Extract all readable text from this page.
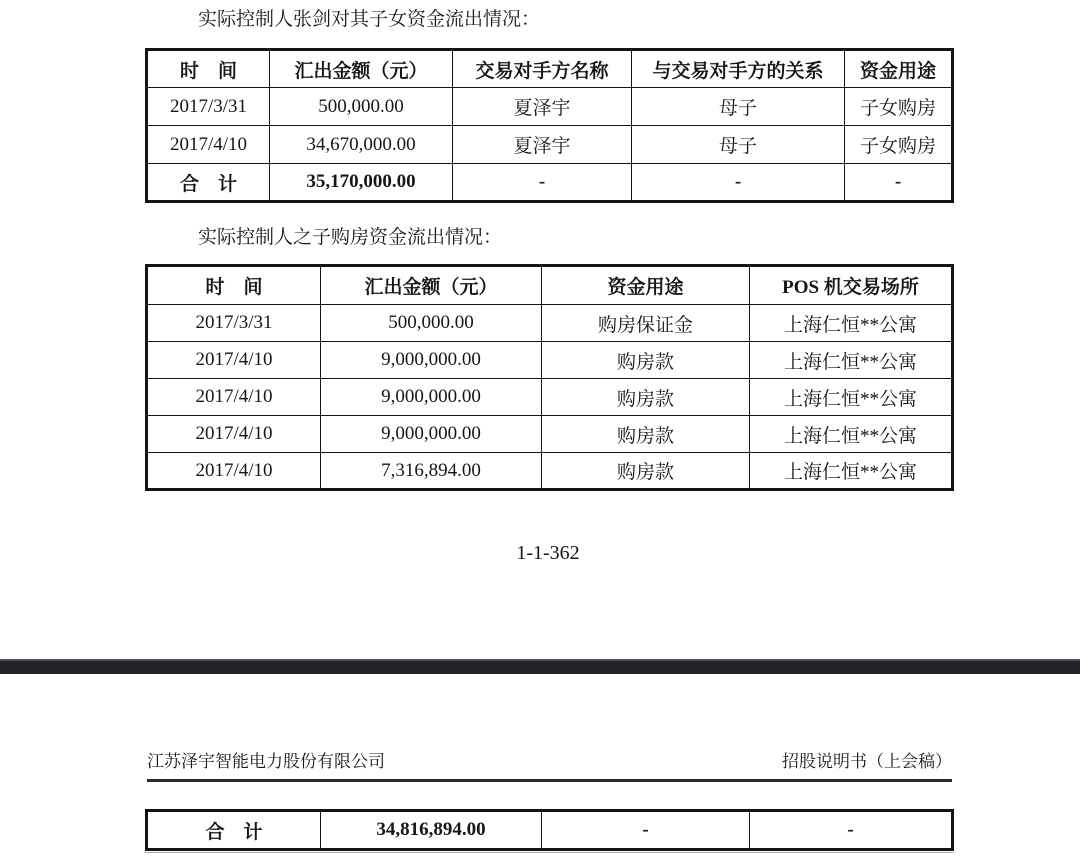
实际控制人张剑对其子女资金流出情况：
时　间	汇出金额（元）	交易对手方名称	与交易对手方的关系	资金用途
2017/3/31	500,000.00	夏泽宇	母子	子女购房
2017/4/10	34,670,000.00	夏泽宇	母子	子女购房
合　计	35,170,000.00	-	-	-
实际控制人之子购房资金流出情况：
时　间	汇出金额（元）	资金用途	POS 机交易场所
2017/3/31	500,000.00	购房保证金	上海仁恒**公寓
2017/4/10	9,000,000.00	购房款	上海仁恒**公寓
2017/4/10	9,000,000.00	购房款	上海仁恒**公寓
2017/4/10	9,000,000.00	购房款	上海仁恒**公寓
2017/4/10	7,316,894.00	购房款	上海仁恒**公寓
1-1-362
江苏泽宇智能电力股份有限公司	招股说明书（上会稿）
合　计	34,816,894.00	-	-
